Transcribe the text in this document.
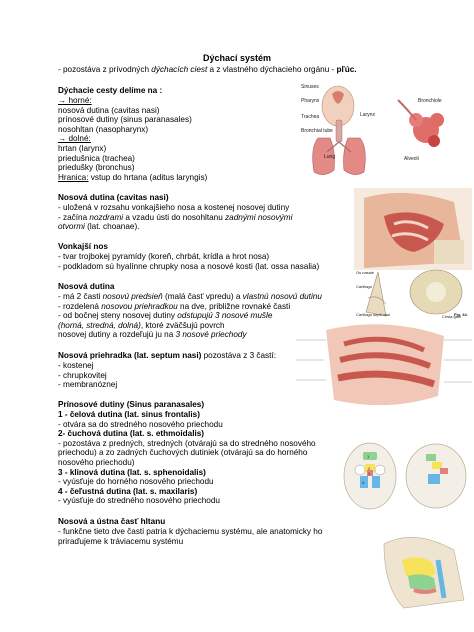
Dýchací systém
- pozostáva z prívodných dýchacích ciest a z vlastného dýchacieho orgánu - pľúc.
Dýchacie cesty delíme na :
→ horné:
nosová dutina (cavitas nasi)
prínosové dutiny (sinus paranasales)
nosohltan (nasopharynx)
→ dolné:
hrtan (larynx)
priedušnica (trachea)
priedušky (bronchus)
Hranica: vstup do hrtana (aditus laryngis)
Nosová dutina (cavitas nasi)
- uložená v rozsahu vonkajšieho nosa a kostenej nosovej dutiny
- začína nozdrami a vzadu ústi do nosohltanu zadnými nosovými
otvormi (lat. choanae).
Vonkajší nos
- tvar trojbokej pyramídy (koreň, chrbát, krídla a hrot nosa)
- podkladom sú hyalínne chrupky nosa a nosové kosti (lat. ossa nasalia)
Nosová dutina
- má 2 časti nosovú predsieň (malá časť vpredu) a vlastnú nosovú dutinu
- rozdelená nosovou priehradkou na dve, približne rovnaké časti
- od bočnej steny nosovej dutiny odstupujú 3 nosové mušle
(horná, stredná, dolná), ktoré zväčšujú povrch
nosovej dutiny a rozdeľujú ju na 3 nosové priechody
Nosová priehradka (lat. septum nasi) pozostáva z 3 častí:
- kostenej
- chrupkovitej
- membranóznej
Prínosové dutiny (Sinus paranasales)
1 - čelová dutina (lat. sinus frontalis)
- otvára sa do stredného nosového priechodu
2- čuchová dutina (lat. s. ethmoidalis)
- pozostáva z predných, stredných (otvárajú sa do stredného nosového
priechodu) a zo zadných čuchových dutiniek (otvárajú sa do horného
nosového priechodu)
3 - klinová dutina (lat. s. sphenoidalis)
- vyúsťuje do horného nosového priechodu
4 - čeľustná dutina (lat. s. maxilaris)
- vyúsťuje do stredného nosového priechodu
Nosová a ústna časť hltanu
- funkčne tieto dve časti patria k dýchaciemu systému, ale anatomicky ho
priraďujeme k tráviacemu systému
Sinuses
Pharynx
Larynx
Trachea
Bronchial tube
Lung
Bronchiole
Alveoli
Os nasale
Cartilago
Cartilago septi nasi	Crista galli
Fig. 34.
1
2
3
4
